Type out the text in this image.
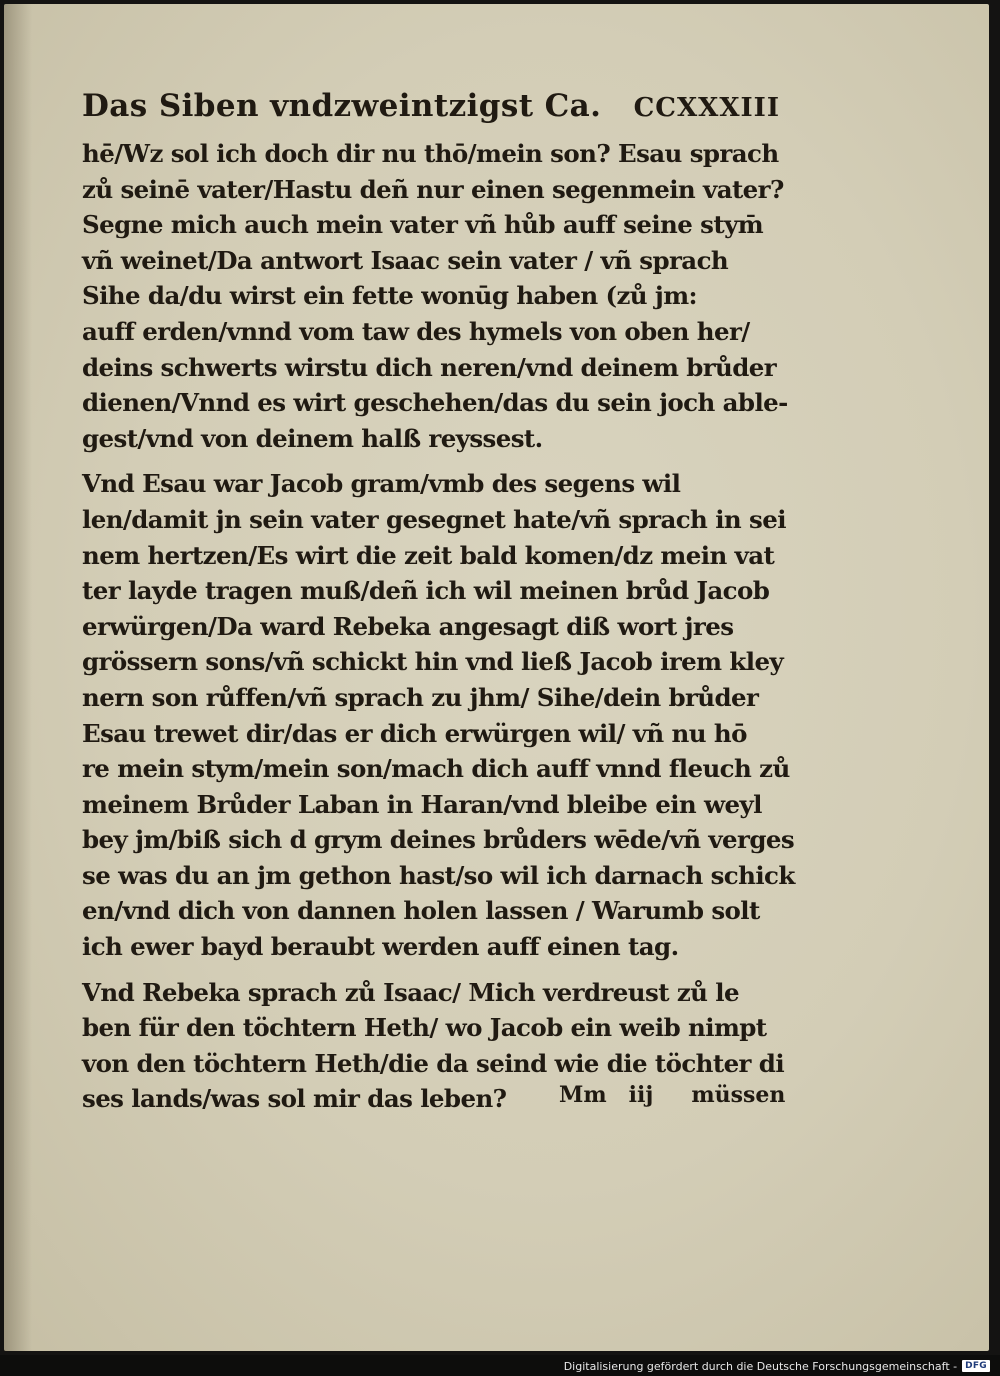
Das Siben vndzweintzigst Ca. CCXXXIII
hē/Wz sol ich doch dir nu thō/mein son? Esau sprach
zů seinē vater/Hastu deñ nur einen segenmein vater?
Segne mich auch mein vater vñ hůb auff seine stym̄
vñ weinet/Da antwort Isaac sein vater / vñ sprach
Sihe da/du wirst ein fette wonūg haben (zů jm:
auff erden/vnnd vom taw des hymels von oben her/
deins schwerts wirstu dich neren/vnd deinem brůder
dienen/Vnnd es wirt geschehen/das du sein joch able-
gest/vnd von deinem halß reyssest.
Vnd Esau war Jacob gram/vmb des segens wil
len/damit jn sein vater gesegnet hate/vñ sprach in sei
nem hertzen/Es wirt die zeit bald komen/dz mein vat
ter layde tragen muß/deñ ich wil meinen brůd Jacob
erwürgen/Da ward Rebeka angesagt diß wort jres
grössern sons/vñ schickt hin vnd ließ Jacob irem kley
nern son růffen/vñ sprach zu jhm/ Sihe/dein brůder
Esau trewet dir/das er dich erwürgen wil/ vñ nu hō
re mein stym/mein son/mach dich auff vnnd fleuch zů
meinem Brůder Laban in Haran/vnd bleibe ein weyl
bey jm/biß sich d grym deines brůders wēde/vñ verges
se was du an jm gethon hast/so wil ich darnach schick
en/vnd dich von dannen holen lassen / Warumb solt
ich ewer bayd beraubt werden auff einen tag.
Vnd Rebeka sprach zů Isaac/ Mich verdreust zů le
ben für den töchtern Heth/ wo Jacob ein weib nimpt
von den töchtern Heth/die da seind wie die töchter di
ses lands/was sol mir das leben?	Mm iij müssen
Digitalisierung gefördert durch die Deutsche Forschungsgemeinschaft - DFG
